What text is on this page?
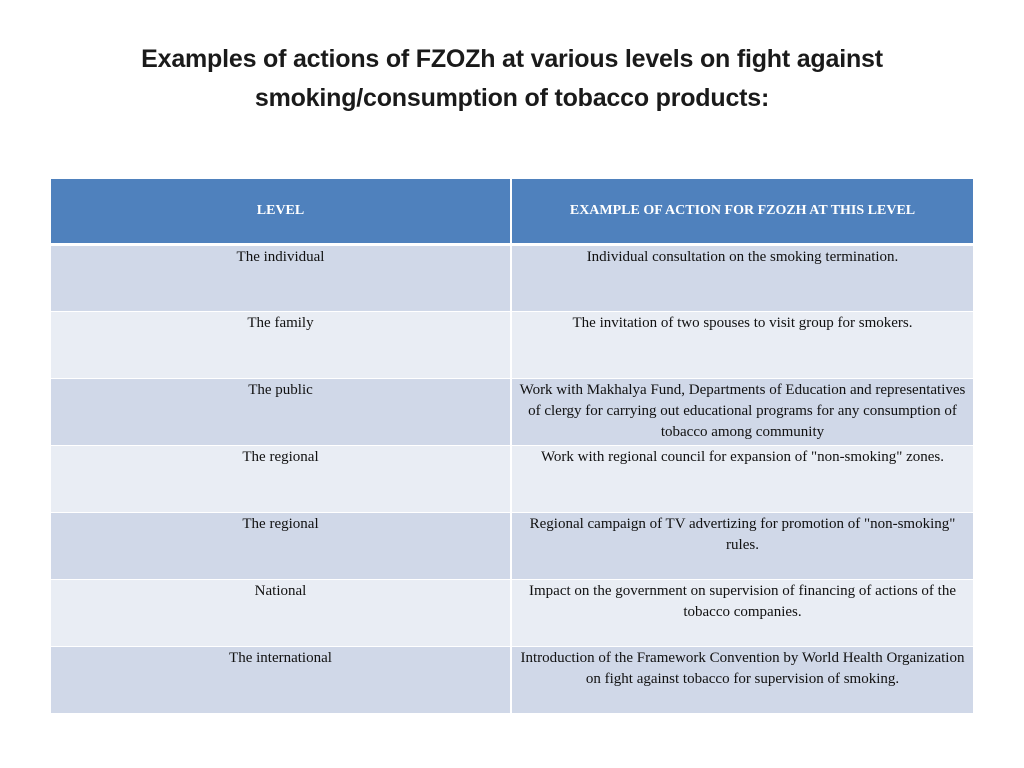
Examples of actions of FZOZh at various levels on fight against
smoking/consumption of tobacco products:
LEVEL	EXAMPLE OF ACTION FOR FZOZH AT THIS LEVEL
The individual	Individual consultation on the smoking termination.
The family	The invitation of two spouses to visit group for smokers.
The public	Work with Makhalya Fund, Departments of Education and representatives of clergy for carrying out educational programs for any consumption of tobacco among community
The regional	Work with regional council for expansion of "non-smoking" zones.
The regional	Regional campaign of TV advertizing for promotion of "non-smoking" rules.
National	Impact on the government on supervision of financing of actions of the tobacco companies.
The international	Introduction of the Framework Convention by World Health Organization on fight against tobacco for supervision of smoking.
